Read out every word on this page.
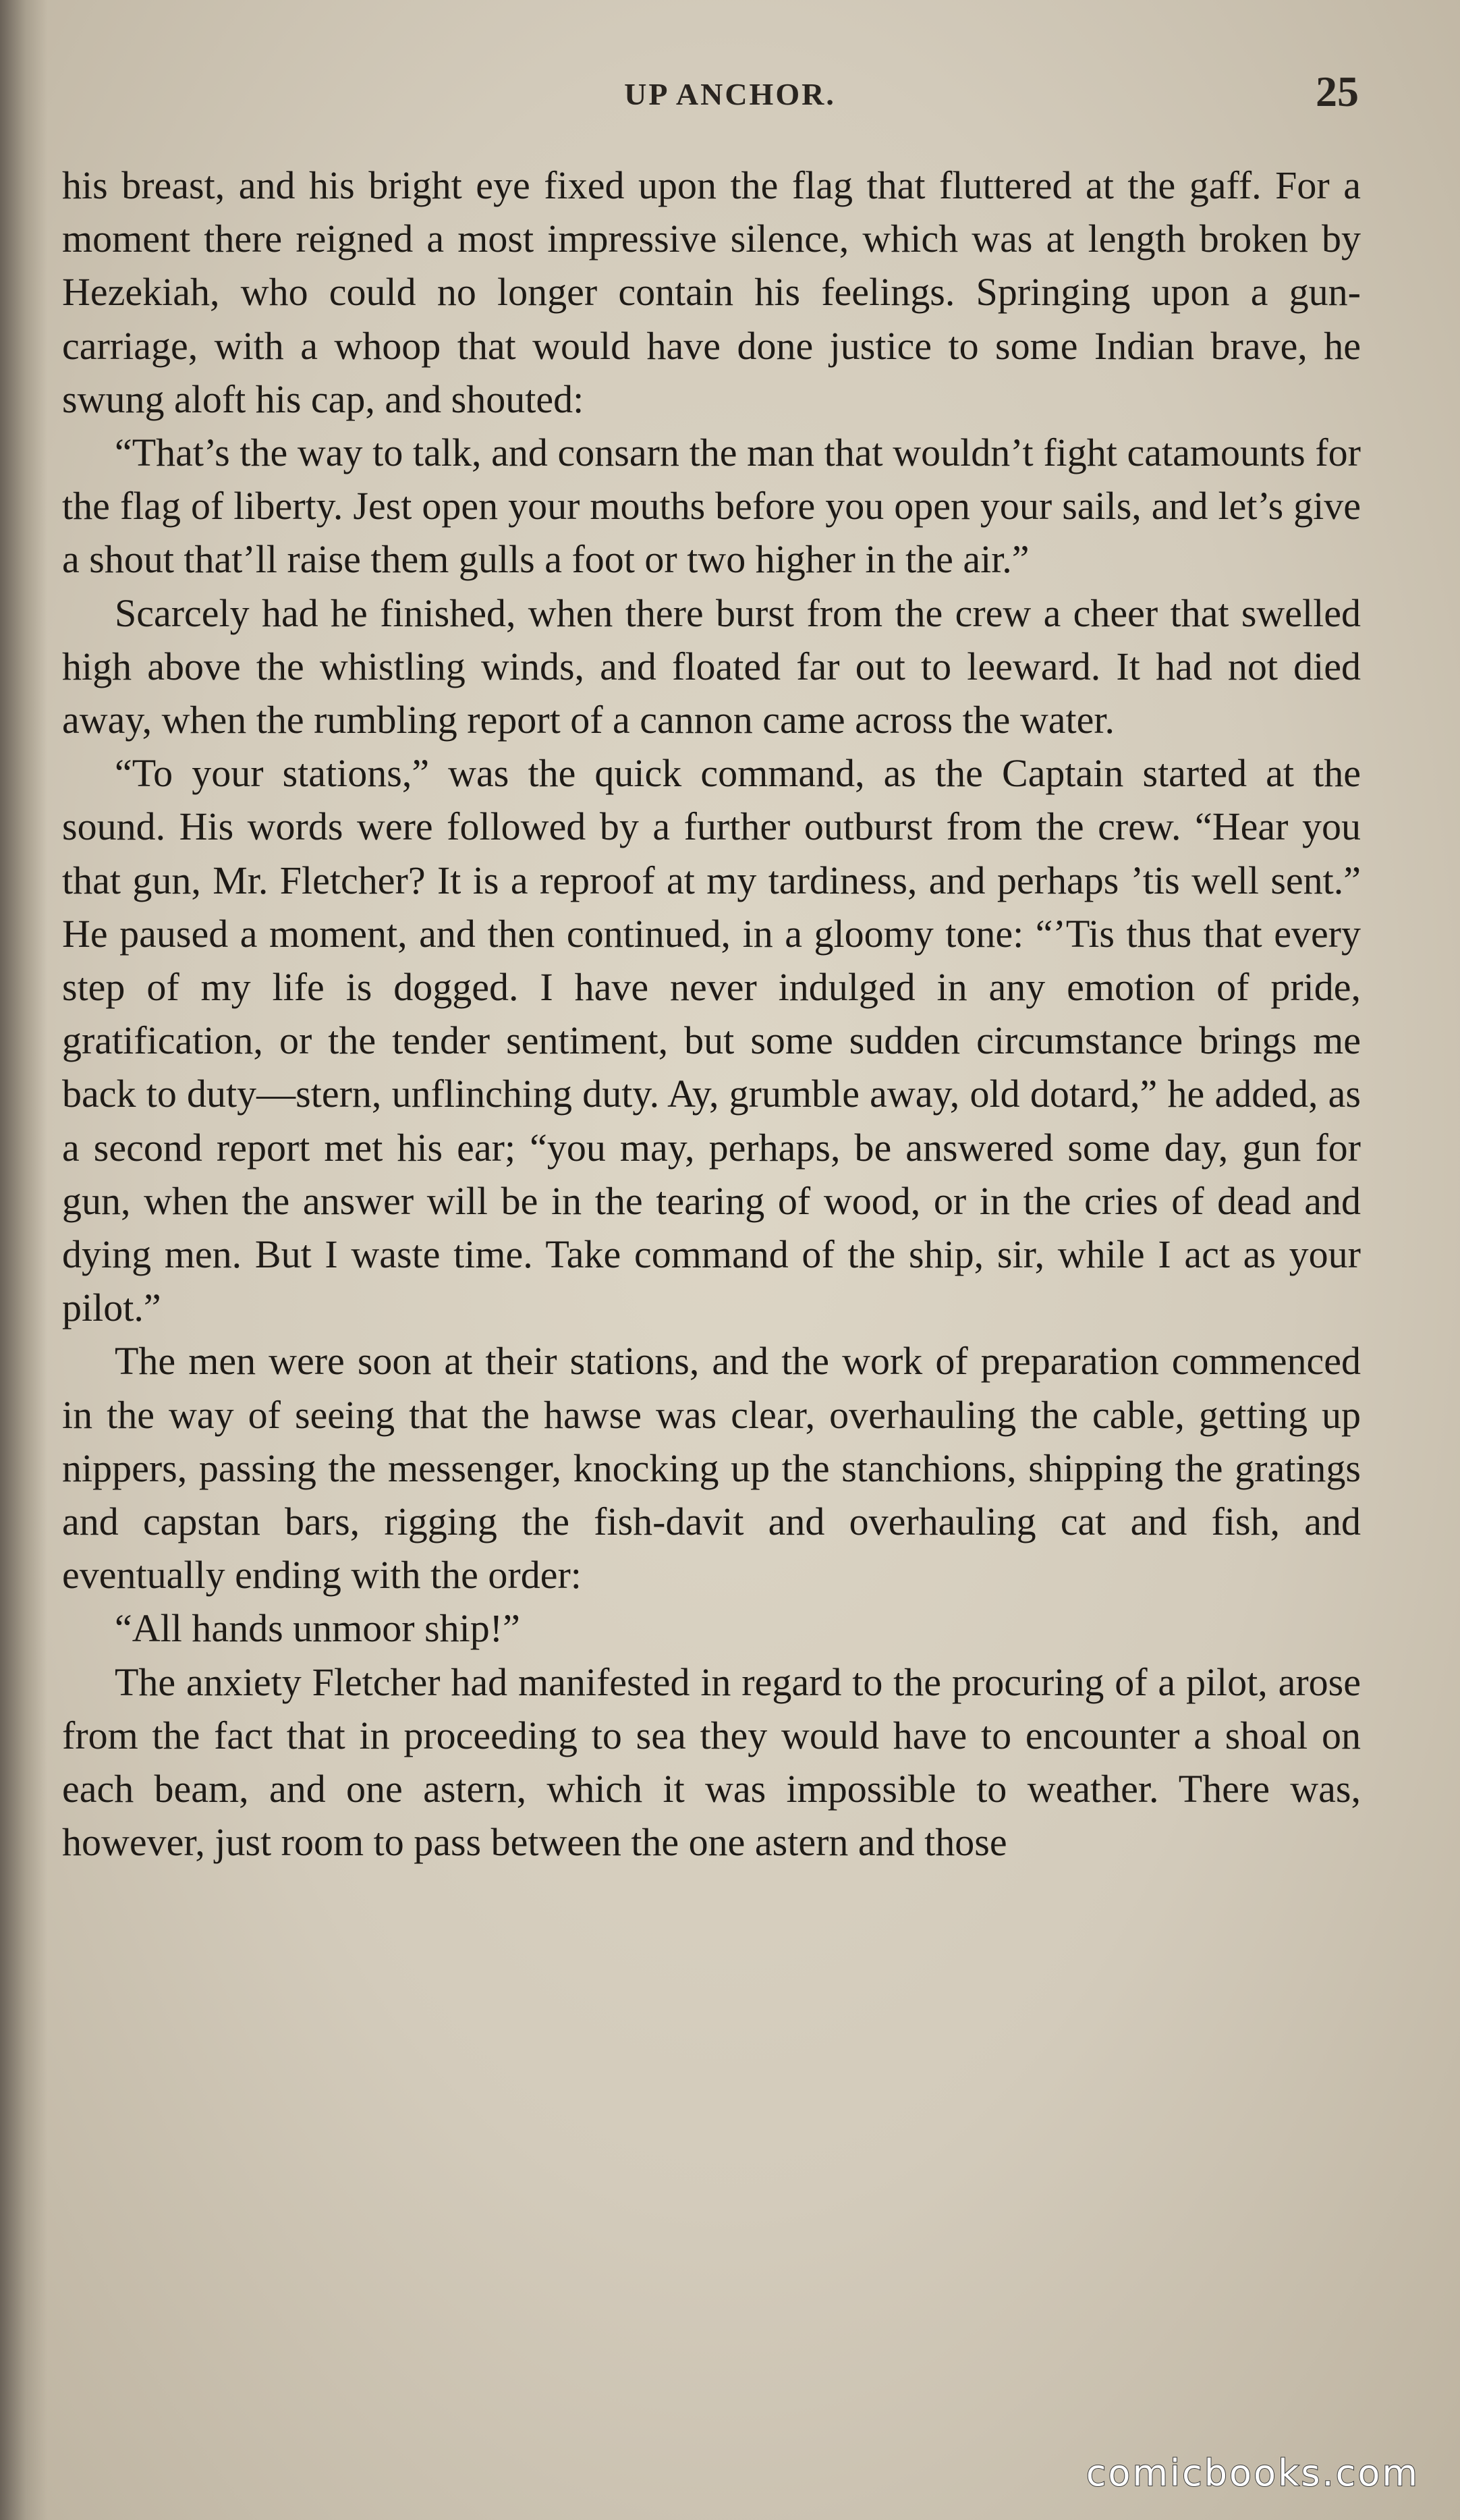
UP ANCHOR.	25

his breast, and his bright eye fixed upon the flag that fluttered at the gaff. For a moment there reigned a most impressive silence, which was at length broken by Hezekiah, who could no longer contain his feelings. Springing upon a gun-carriage, with a whoop that would have done justice to some Indian brave, he swung aloft his cap, and shouted:

“That’s the way to talk, and consarn the man that wouldn’t fight catamounts for the flag of liberty. Jest open your mouths before you open your sails, and let’s give a shout that’ll raise them gulls a foot or two higher in the air.”

Scarcely had he finished, when there burst from the crew a cheer that swelled high above the whistling winds, and floated far out to leeward. It had not died away, when the rumbling report of a cannon came across the water.

“To your stations,” was the quick command, as the Captain started at the sound. His words were followed by a further outburst from the crew. “Hear you that gun, Mr. Fletcher? It is a reproof at my tardiness, and perhaps ’tis well sent.” He paused a moment, and then continued, in a gloomy tone: “’Tis thus that every step of my life is dogged. I have never indulged in any emotion of pride, gratification, or the tender sentiment, but some sudden circumstance brings me back to duty—stern, unflinching duty. Ay, grumble away, old dotard,” he added, as a second report met his ear; “you may, perhaps, be answered some day, gun for gun, when the answer will be in the tearing of wood, or in the cries of dead and dying men. But I waste time. Take command of the ship, sir, while I act as your pilot.”

The men were soon at their stations, and the work of preparation commenced in the way of seeing that the hawse was clear, overhauling the cable, getting up nippers, passing the messenger, knocking up the stanchions, shipping the gratings and capstan bars, rigging the fish-davit and overhauling cat and fish, and eventually ending with the order:

“All hands unmoor ship!”

The anxiety Fletcher had manifested in regard to the procuring of a pilot, arose from the fact that in proceeding to sea they would have to encounter a shoal on each beam, and one astern, which it was impossible to weather. There was, however, just room to pass between the one astern and those

comicbooks.com
